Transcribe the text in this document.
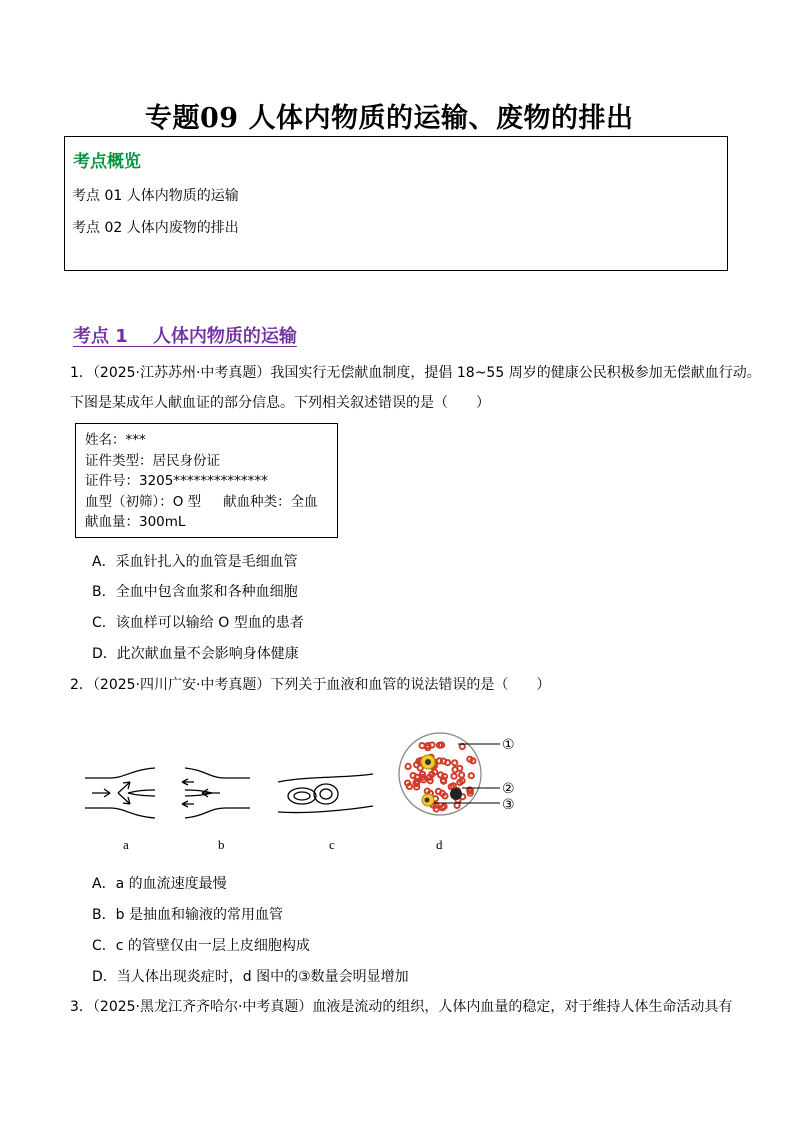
专题09 人体内物质的运输、废物的排出
考点概览
考点 01 人体内物质的运输
考点 02 人体内废物的排出
考点 1    人体内物质的运输
1．（2025·江苏苏州·中考真题）我国实行无偿献血制度，提倡 18~55 周岁的健康公民积极参加无偿献血行动。
下图是某成年人献血证的部分信息。下列相关叙述错误的是（　　）
姓名：***
证件类型：居民身份证
证件号：3205**************
血型（初筛）：O 型 献血种类：全血
献血量：300mL
A．采血针扎入的血管是毛细血管
B．全血中包含血浆和各种血细胞
C．该血样可以输给 O 型血的患者
D．此次献血量不会影响身体健康
2．（2025·四川广安·中考真题）下列关于血液和血管的说法错误的是（　　）
①
②
③
a	b	c	d
A．a 的血流速度最慢
B．b 是抽血和输液的常用血管
C．c 的管壁仅由一层上皮细胞构成
D．当人体出现炎症时，d 图中的③数量会明显增加
3．（2025·黑龙江齐齐哈尔·中考真题）血液是流动的组织，人体内血量的稳定，对于维持人体生命活动具有
